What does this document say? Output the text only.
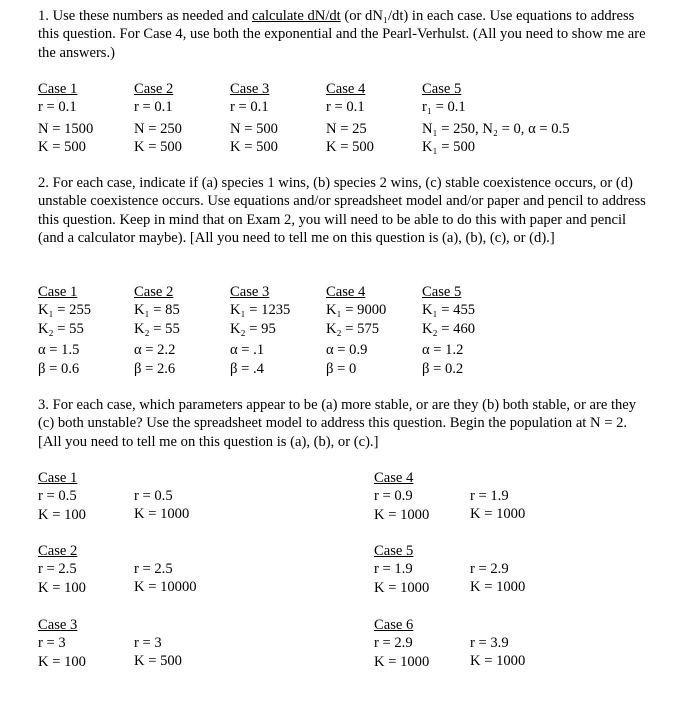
1. Use these numbers as needed and calculate dN/dt (or dN₁/dt) in each case. Use equations to address this question. For Case 4, use both the exponential and the Pearl-Verhulst. (All you need to show me are the answers.)
Case 1
r = 0.1
N = 1500
K = 500
Case 2
r = 0.1
N = 250
K = 500
Case 3
r = 0.1
N = 500
K = 500
Case 4
r = 0.1
N = 25
K = 500
Case 5
r₁ = 0.1
N₁ = 250, N₂ = 0, α = 0.5
K₁ = 500
2. For each case, indicate if (a) species 1 wins, (b) species 2 wins, (c) stable coexistence occurs, or (d) unstable coexistence occurs. Use equations and/or spreadsheet model and/or paper and pencil to address this question. Keep in mind that on Exam 2, you will need to be able to do this with paper and pencil (and a calculator maybe). [All you need to tell me on this question is (a), (b), (c), or (d).]
Case 1
K₁ = 255
K₂ = 55
α = 1.5
β = 0.6
Case 2
K₁ = 85
K₂ = 55
α = 2.2
β = 2.6
Case 3
K₁ = 1235
K₂ = 95
α = .1
β = .4
Case 4
K₁ = 9000
K₂ = 575
α = 0.9
β = 0
Case 5
K₁ = 455
K₂ = 460
α = 1.2
β = 0.2
3. For each case, which parameters appear to be (a) more stable, or are they (b) both stable, or are they (c) both unstable? Use the spreadsheet model to address this question. Begin the population at N = 2. [All you need to tell me on this question is (a), (b), or (c).]
Case 1
r = 0.5
K = 100
r = 0.5
K = 1000
Case 2
r = 2.5
K = 100
r = 2.5
K = 10000
Case 3
r = 3
K = 100
r = 3
K = 500
Case 4
r = 0.9
K = 1000
r = 1.9
K = 1000
Case 5
r = 1.9
K = 1000
r = 2.9
K = 1000
Case 6
r = 2.9
K = 1000
r = 3.9
K = 1000
